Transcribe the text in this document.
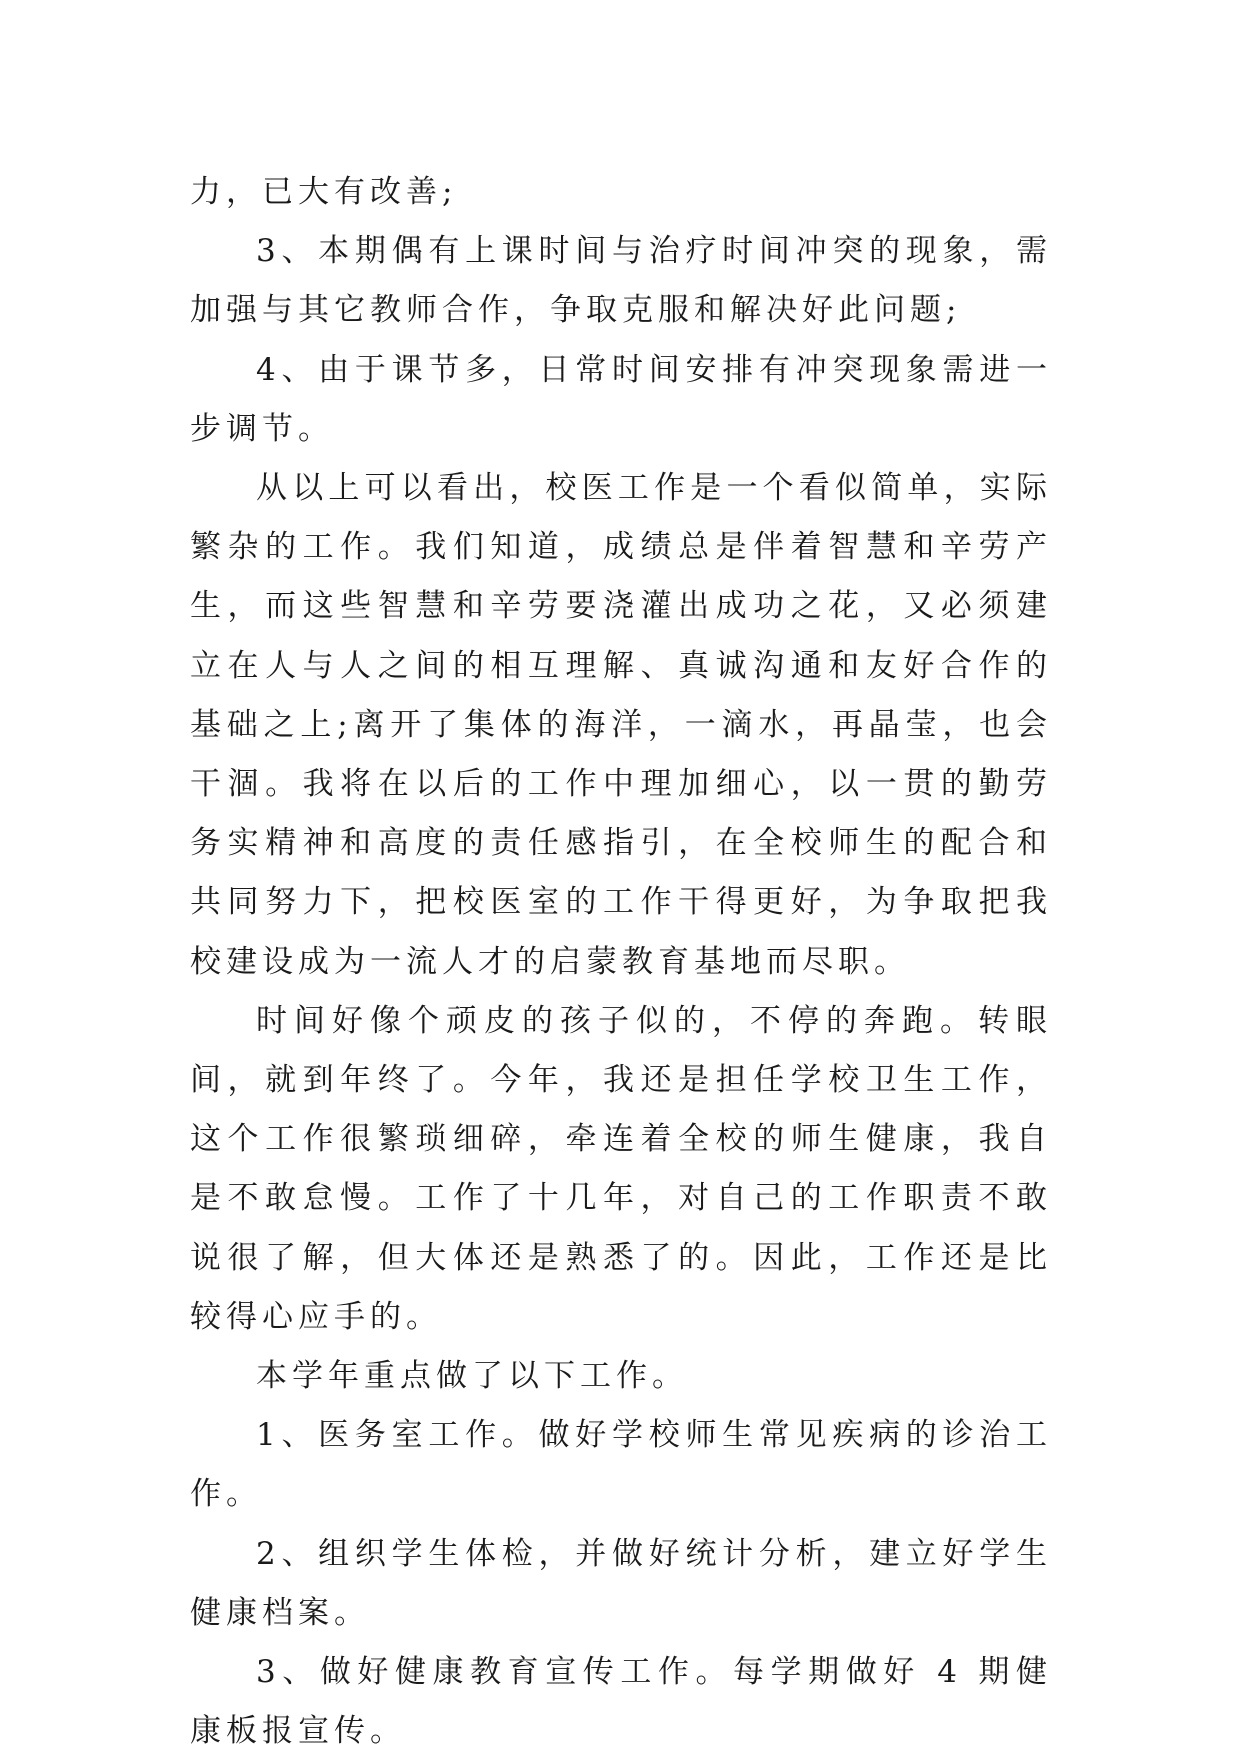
力，已大有改善;

3、本期偶有上课时间与治疗时间冲突的现象，需加强与其它教师合作，争取克服和解决好此问题;

4、由于课节多，日常时间安排有冲突现象需进一步调节。

从以上可以看出，校医工作是一个看似简单，实际繁杂的工作。我们知道，成绩总是伴着智慧和辛劳产生，而这些智慧和辛劳要浇灌出成功之花，又必须建立在人与人之间的相互理解、真诚沟通和友好合作的基础之上;离开了集体的海洋，一滴水，再晶莹，也会干涸。我将在以后的工作中理加细心，以一贯的勤劳务实精神和高度的责任感指引，在全校师生的配合和共同努力下，把校医室的工作干得更好，为争取把我校建设成为一流人才的启蒙教育基地而尽职。

时间好像个顽皮的孩子似的，不停的奔跑。转眼间，就到年终了。今年，我还是担任学校卫生工作，这个工作很繁琐细碎，牵连着全校的师生健康，我自是不敢怠慢。工作了十几年，对自己的工作职责不敢说很了解，但大体还是熟悉了的。因此，工作还是比较得心应手的。

本学年重点做了以下工作。

1、医务室工作。做好学校师生常见疾病的诊治工作。

2、组织学生体检，并做好统计分析，建立好学生健康档案。

3、做好健康教育宣传工作。每学期做好 4 期健康板报宣传。
